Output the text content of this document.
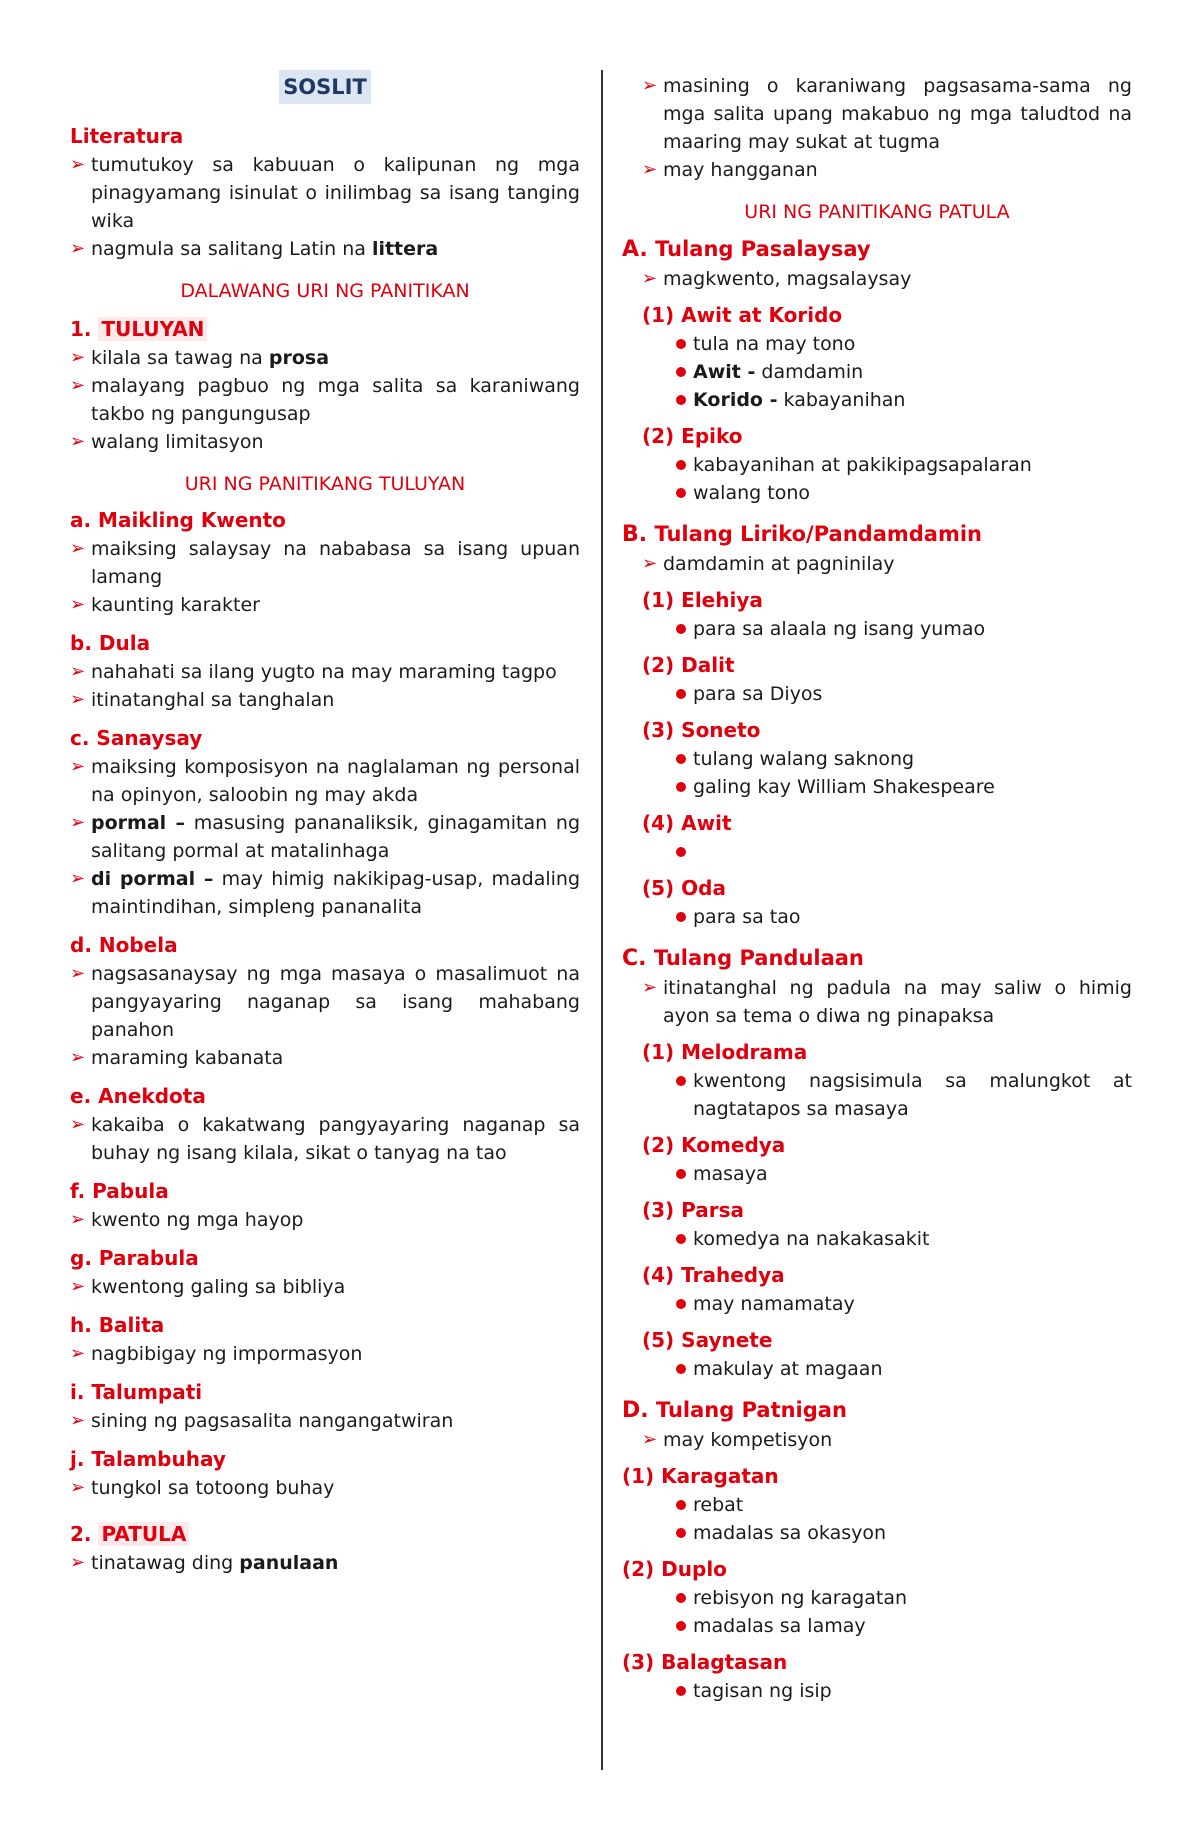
SOSLIT
Literatura
➢ tumutukoy sa kabuuan o kalipunan ng mga pinagyamang isinulat o inilimbag sa isang tanging wika
➢ nagmula sa salitang Latin na littera
DALAWANG URI NG PANITIKAN
1. TULUYAN
➢ kilala sa tawag na prosa
➢ malayang pagbuo ng mga salita sa karaniwang takbo ng pangungusap
➢ walang limitasyon
URI NG PANITIKANG TULUYAN
a. Maikling Kwento
➢ maiksing salaysay na nababasa sa isang upuan lamang
➢ kaunting karakter
b. Dula
➢ nahahati sa ilang yugto na may maraming tagpo
➢ itinatanghal sa tanghalan
c. Sanaysay
➢ maiksing komposisyon na naglalaman ng personal na opinyon, saloobin ng may akda
➢ pormal – masusing pananaliksik, ginagamitan ng salitang pormal at matalinhaga
➢ di pormal – may himig nakikipag-usap, madaling maintindihan, simpleng pananalita
d. Nobela
➢ nagsasanaysay ng mga masaya o masalimuot na pangyayaring naganap sa isang mahabang panahon
➢ maraming kabanata
e. Anekdota
➢ kakaiba o kakatwang pangyayaring naganap sa buhay ng isang kilala, sikat o tanyag na tao
f. Pabula
➢ kwento ng mga hayop
g. Parabula
➢ kwentong galing sa bibliya
h. Balita
➢ nagbibigay ng impormasyon
i. Talumpati
➢ sining ng pagsasalita nangangatwiran
j. Talambuhay
➢ tungkol sa totoong buhay
2. PATULA
➢ tinatawag ding panulaan
➢ masining o karaniwang pagsasama-sama ng mga salita upang makabuo ng mga taludtod na maaring may sukat at tugma
➢ may hangganan
URI NG PANITIKANG PATULA
A. Tulang Pasalaysay
➢ magkwento, magsalaysay
(1) Awit at Korido
tula na may tono
Awit - damdamin
Korido - kabayanihan
(2) Epiko
kabayanihan at pakikipagsapalaran
walang tono
B. Tulang Liriko/Pandamdamin
➢ damdamin at pagninilay
(1) Elehiya
para sa alaala ng isang yumao
(2) Dalit
para sa Diyos
(3) Soneto
tulang walang saknong
galing kay William Shakespeare
(4) Awit
(5) Oda
para sa tao
C. Tulang Pandulaan
➢ itinatanghal ng padula na may saliw o himig ayon sa tema o diwa ng pinapaksa
(1) Melodrama
kwentong nagsisimula sa malungkot at nagtatapos sa masaya
(2) Komedya
masaya
(3) Parsa
komedya na nakakasakit
(4) Trahedya
may namamatay
(5) Saynete
makulay at magaan
D. Tulang Patnigan
➢ may kompetisyon
(1) Karagatan
rebat
madalas sa okasyon
(2) Duplo
rebisyon ng karagatan
madalas sa lamay
(3) Balagtasan
tagisan ng isip
